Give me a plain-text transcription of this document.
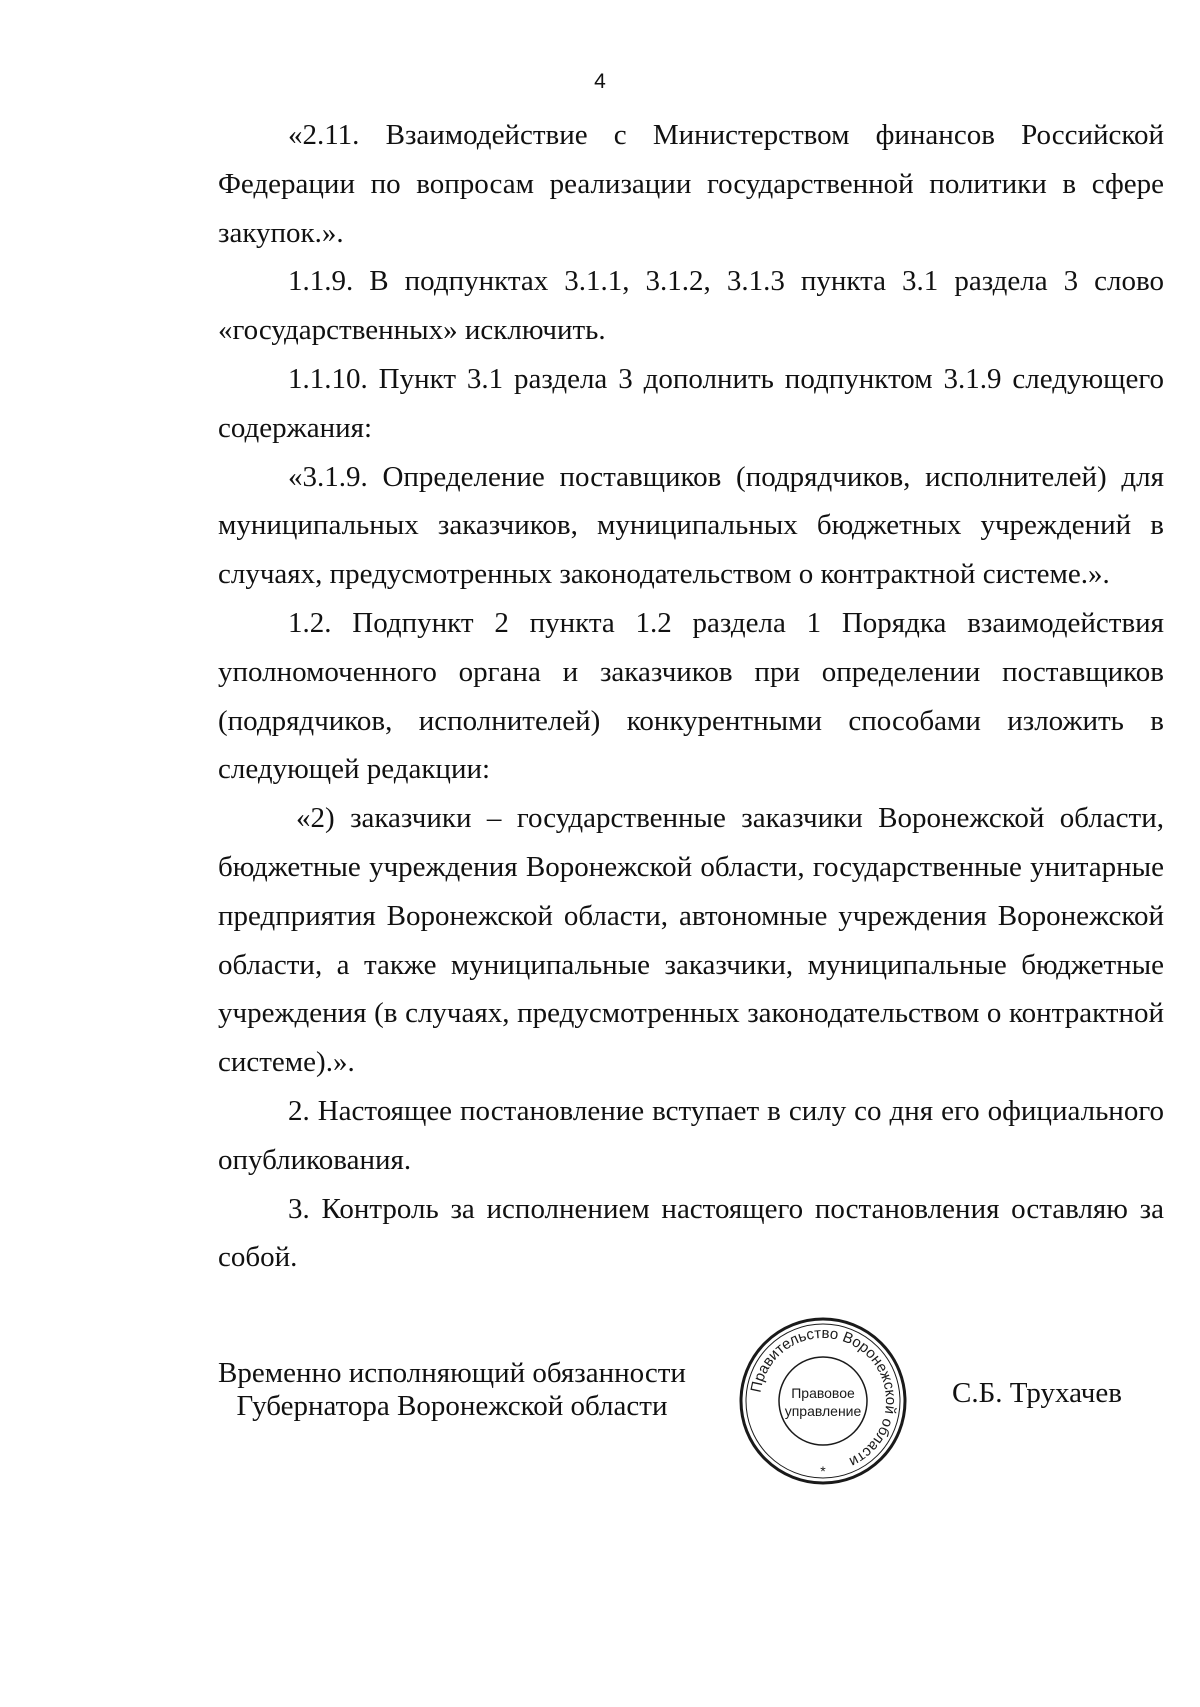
4

«2.11. Взаимодействие с Министерством финансов Российской Федерации по вопросам реализации государственной политики в сфере закупок.».

1.1.9. В подпунктах 3.1.1, 3.1.2, 3.1.3 пункта 3.1 раздела 3 слово «государственных» исключить.

1.1.10. Пункт 3.1 раздела 3 дополнить подпунктом 3.1.9 следующего содержания:

«3.1.9. Определение поставщиков (подрядчиков, исполнителей) для муниципальных заказчиков, муниципальных бюджетных учреждений в случаях, предусмотренных законодательством о контрактной системе.».

1.2. Подпункт 2 пункта 1.2 раздела 1 Порядка взаимодействия уполномоченного органа и заказчиков при определении поставщиков (подрядчиков, исполнителей) конкурентными способами изложить в следующей редакции:

«2) заказчики – государственные заказчики Воронежской области, бюджетные учреждения Воронежской области, государственные унитарные предприятия Воронежской области, автономные учреждения Воронежской области, а также муниципальные заказчики, муниципальные бюджетные учреждения (в случаях, предусмотренных законодательством о контрактной системе).».

2. Настоящее постановление вступает в силу со дня его официального опубликования.

3. Контроль за исполнением настоящего постановления оставляю за собой.

Временно исполняющий обязанности
Губернатора Воронежской области
Правительство Воронежской области
Правовое
управление
*
С.Б. Трухачев
